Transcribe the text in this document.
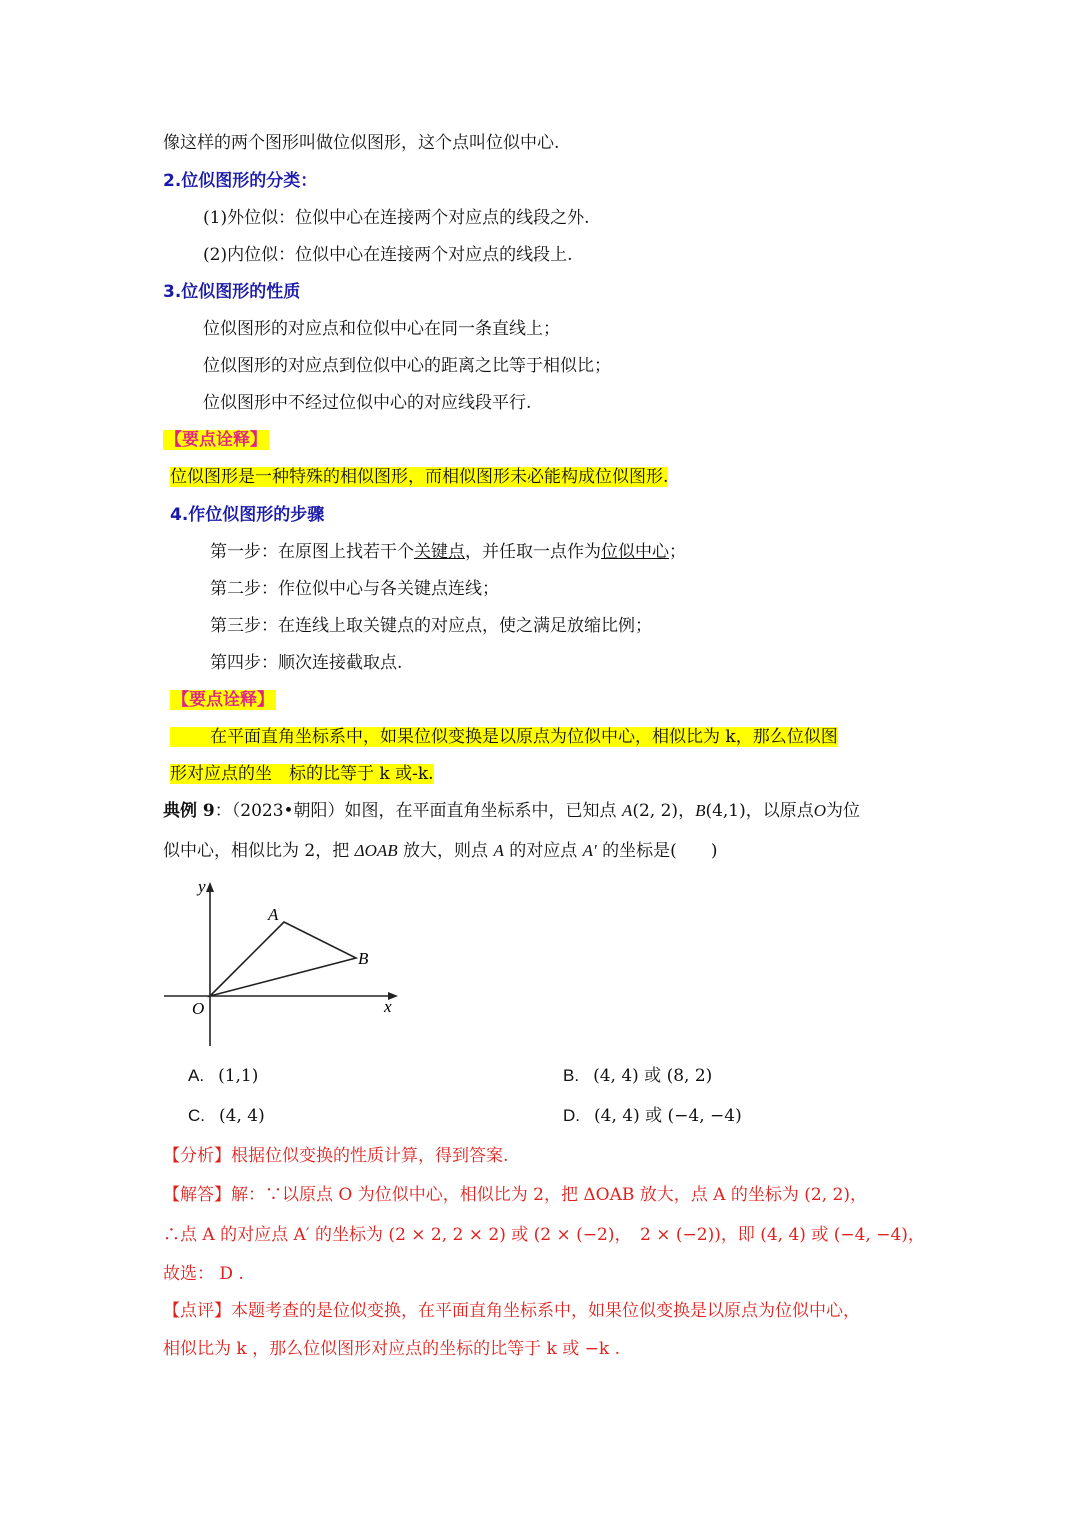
像这样的两个图形叫做位似图形，这个点叫位似中心.
2.位似图形的分类：
(1)外位似：位似中心在连接两个对应点的线段之外.
(2)内位似：位似中心在连接两个对应点的线段上.
3.位似图形的性质
位似图形的对应点和位似中心在同一条直线上；
位似图形的对应点到位似中心的距离之比等于相似比；
位似图形中不经过位似中心的对应线段平行.
【要点诠释】
位似图形是一种特殊的相似图形，而相似图形未必能构成位似图形.
4.作位似图形的步骤
第一步：在原图上找若干个关键点，并任取一点作为位似中心；
第二步：作位似中心与各关键点连线；
第三步：在连线上取关键点的对应点，使之满足放缩比例；
第四步：顺次连接截取点.
【要点诠释】
在平面直角坐标系中，如果位似变换是以原点为位似中心，相似比为 k，那么位似图
形对应点的坐　标的比等于 k 或-k.
典例 9：（2023•朝阳）如图，在平面直角坐标系中，已知点 A(2, 2)，B(4,1)，以原点O为位
似中心，相似比为 2，把 ΔOAB 放大，则点 A 的对应点 A′ 的坐标是(　　)
y
x
O
A
B
A. (1,1)	B. (4, 4) 或 (8, 2)
C. (4, 4)	D. (4, 4) 或 (−4, −4)
【分析】根据位似变换的性质计算，得到答案.
【解答】解：∵以原点 O 为位似中心，相似比为 2，把 ΔOAB 放大，点 A 的坐标为 (2, 2)，
∴点 A 的对应点 A′ 的坐标为 (2 × 2, 2 × 2) 或 (2 × (−2)，　2 × (−2))，即 (4, 4) 或 (−4, −4)，
故选： D .
【点评】本题考查的是位似变换，在平面直角坐标系中，如果位似变换是以原点为位似中心，
相似比为 k ，那么位似图形对应点的坐标的比等于 k 或 −k .
